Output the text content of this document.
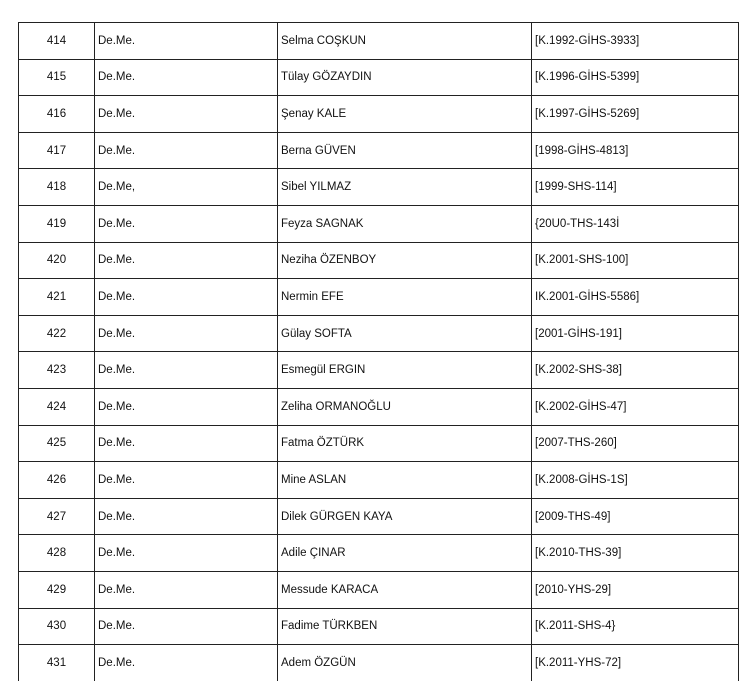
414	De.Me.	Selma COŞKUN	[K.1992-GİHS-3933]
415	De.Me.	Tülay GÖZAYDIN	[K.1996-GİHS-5399]
416	De.Me.	Şenay KALE	[K.1997-GİHS-5269]
417	De.Me.	Berna GÜVEN	[1998-GİHS-4813]
418	De.Me,	Sibel YILMAZ	[1999-SHS-114]
419	De.Me.	Feyza SAGNAK	{20U0-THS-143İ
420	De.Me.	Neziha ÖZENBOY	[K.2001-SHS-100]
421	De.Me.	Nermin EFE	IK.2001-GİHS-5586]
422	De.Me.	Gülay SOFTA	[2001-GİHS-191]
423	De.Me.	Esmegül ERGIN	[K.2002-SHS-38]
424	De.Me.	Zeliha ORMANOĞLU	[K.2002-GİHS-47]
425	De.Me.	Fatma ÖZTÜRK	[2007-THS-260]
426	De.Me.	Mine ASLAN	[K.2008-GİHS-1S]
427	De.Me.	Dilek GÜRGEN KAYA	[2009-THS-49]
428	De.Me.	Adile ÇINAR	[K.2010-THS-39]
429	De.Me.	Messude KARACA	[2010-YHS-29]
430	De.Me.	Fadime TÜRKBEN	[K.2011-SHS-4}
431	De.Me.	Adem ÖZGÜN	[K.2011-YHS-72]
